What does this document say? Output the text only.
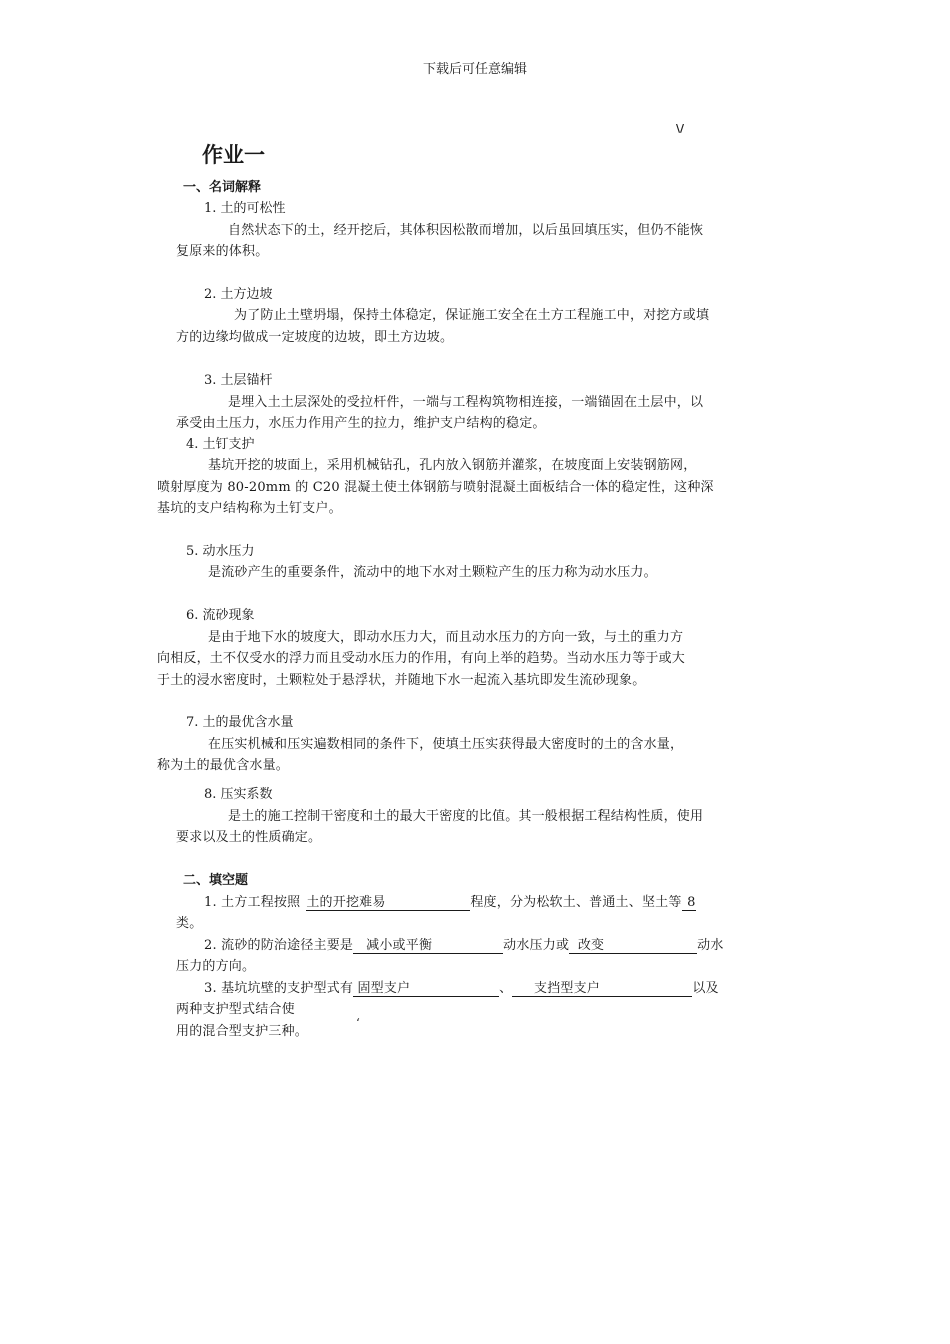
下载后可任意编辑
\/
作业一
一、名词解释
1. 土的可松性
自然状态下的土，经开挖后，其体积因松散而增加，以后虽回填压实，但仍不能恢
复原来的体积。
2. 土方边坡
为了防止土壁坍塌，保持土体稳定，保证施工安全在土方工程施工中，对挖方或填
方的边缘均做成一定坡度的边坡，即土方边坡。
3. 土层锚杆
是埋入土土层深处的受拉杆件，一端与工程构筑物相连接，一端锚固在土层中，以
承受由土压力，水压力作用产生的拉力，维护支户结构的稳定。
4. 土钉支护
基坑开挖的坡面上，采用机械钻孔，孔内放入钢筋并灌浆，在坡度面上安装钢筋网，
喷射厚度为 80-20mm 的 C20 混凝土使土体钢筋与喷射混凝土面板结合一体的稳定性，这种深
基坑的支户结构称为土钉支户。
5. 动水压力
是流砂产生的重要条件，流动中的地下水对土颗粒产生的压力称为动水压力。
6. 流砂现象
是由于地下水的坡度大，即动水压力大，而且动水压力的方向一致，与土的重力方
向相反，土不仅受水的浮力而且受动水压力的作用，有向上举的趋势。当动水压力等于或大
于土的浸水密度时，土颗粒处于悬浮状，并随地下水一起流入基坑即发生流砂现象。
7. 土的最优含水量
在压实机械和压实遍数相同的条件下，使填土压实获得最大密度时的土的含水量，
称为土的最优含水量。
8. 压实系数
是土的施工控制干密度和土的最大干密度的比值。其一般根据工程结构性质，使用
要求以及土的性质确定。
二、填空题
1. 土方工程按照 土的开挖难易	程度，分为松软土、普通土、坚土等 8
类。
2. 流砂的防治途径主要是 减小或平衡	动水压力或 改变	动水
压力的方向。
3. 基坑坑壁的支护型式有 固型支户	、 支挡型支户	以及
两种支护型式结合使
用的混合型支护三种。
‘
